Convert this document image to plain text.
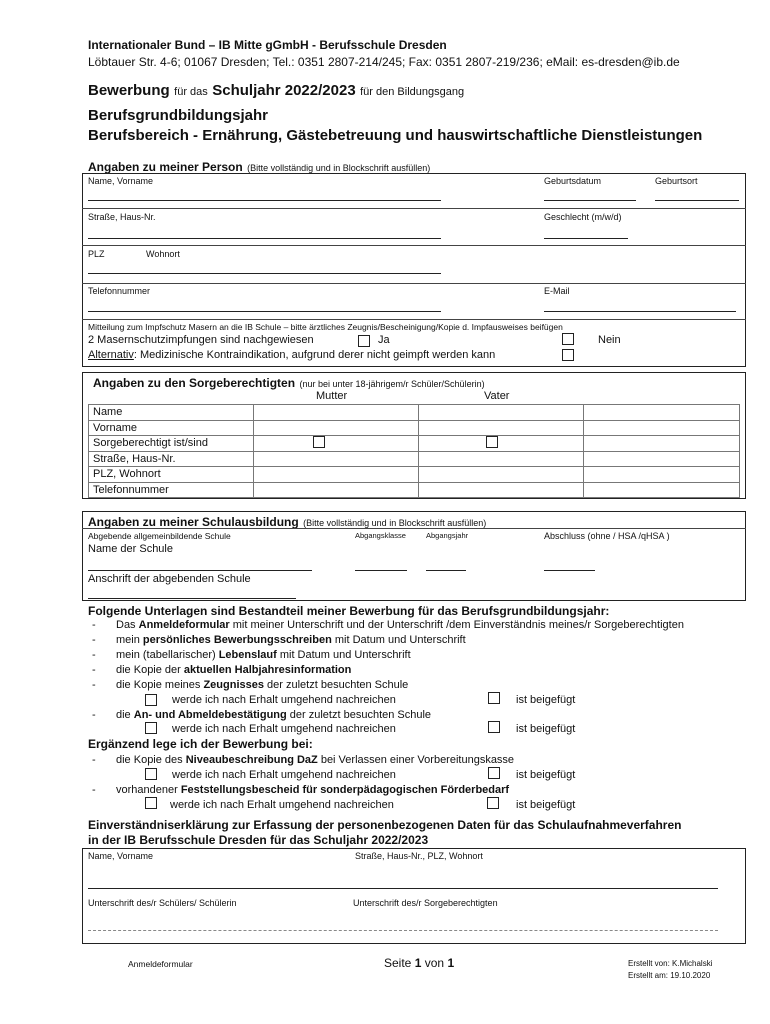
Internationaler Bund – IB Mitte gGmbH - Berufsschule Dresden
Löbtauer Str. 4-6; 01067 Dresden; Tel.: 0351 2807-214/245; Fax: 0351 2807-219/236; eMail: es-dresden@ib.de
Bewerbung für das Schuljahr 2022/2023 für den Bildungsgang
Berufsgrundbildungsjahr
Berufsbereich - Ernährung, Gästebetreuung und hauswirtschaftliche Dienstleistungen
Angaben zu meiner Person (Bitte vollständig und in Blockschrift ausfüllen)
Name, Vorname	Geburtsdatum	Geburtsort
Straße, Haus-Nr.	Geschlecht (m/w/d)
PLZ	Wohnort
Telefonnummer	E-Mail
Mitteilung zum Impfschutz Masern an die IB Schule – bitte ärztliches Zeugnis/Bescheinigung/Kopie d. Impfausweises beifügen
2 Masernschutzimpfungen sind nachgewiesen	Ja	Nein
Alternativ: Medizinische Kontraindikation, aufgrund derer nicht geimpft werden kann
Angaben zu den Sorgeberechtigten (nur bei unter 18-jährigem/r Schüler/Schülerin)
Mutter	Vater
Name			
Vorname			
Sorgeberechtigt ist/sind			
Straße, Haus-Nr.			
PLZ, Wohnort			
Telefonnummer			
Angaben zu meiner Schulausbildung (Bitte vollständig und in Blockschrift ausfüllen)
Abgebende allgemeinbildende Schule	Abgangsklasse	Abgangsjahr	Abschluss (ohne / HSA /qHSA )
Name der Schule
Anschrift der abgebenden Schule
Folgende Unterlagen sind Bestandteil meiner Bewerbung für das Berufsgrundbildungsjahr:
- Das Anmeldeformular mit meiner Unterschrift und der Unterschrift /dem Einverständnis meines/r Sorgeberechtigten
- mein persönliches Bewerbungsschreiben mit Datum und Unterschrift
- mein (tabellarischer) Lebenslauf mit Datum und Unterschrift
- die Kopie der aktuellen Halbjahresinformation
- die Kopie meines Zeugnisses der zuletzt besuchten Schule
werde ich nach Erhalt umgehend nachreichen	ist beigefügt
- die An- und Abmeldebestätigung der zuletzt besuchten Schule
werde ich nach Erhalt umgehend nachreichen	ist beigefügt
Ergänzend lege ich der Bewerbung bei:
- die Kopie des Niveaubeschreibung DaZ bei Verlassen einer Vorbereitungskasse
werde ich nach Erhalt umgehend nachreichen	ist beigefügt
- vorhandener Feststellungsbescheid für sonderpädagogischen Förderbedarf
werde ich nach Erhalt umgehend nachreichen	ist beigefügt
Einverständniserklärung zur Erfassung der personenbezogenen Daten für das Schulaufnahmeverfahren
in der IB Berufsschule Dresden für das Schuljahr 2022/2023
Name, Vorname	Straße, Haus-Nr., PLZ, Wohnort
Unterschrift des/r Schülers/ Schülerin	Unterschrift des/r Sorgeberechtigten
Anmeldeformular	Seite 1 von 1	Erstellt von: K.Michalski
Erstellt am: 19.10.2020
